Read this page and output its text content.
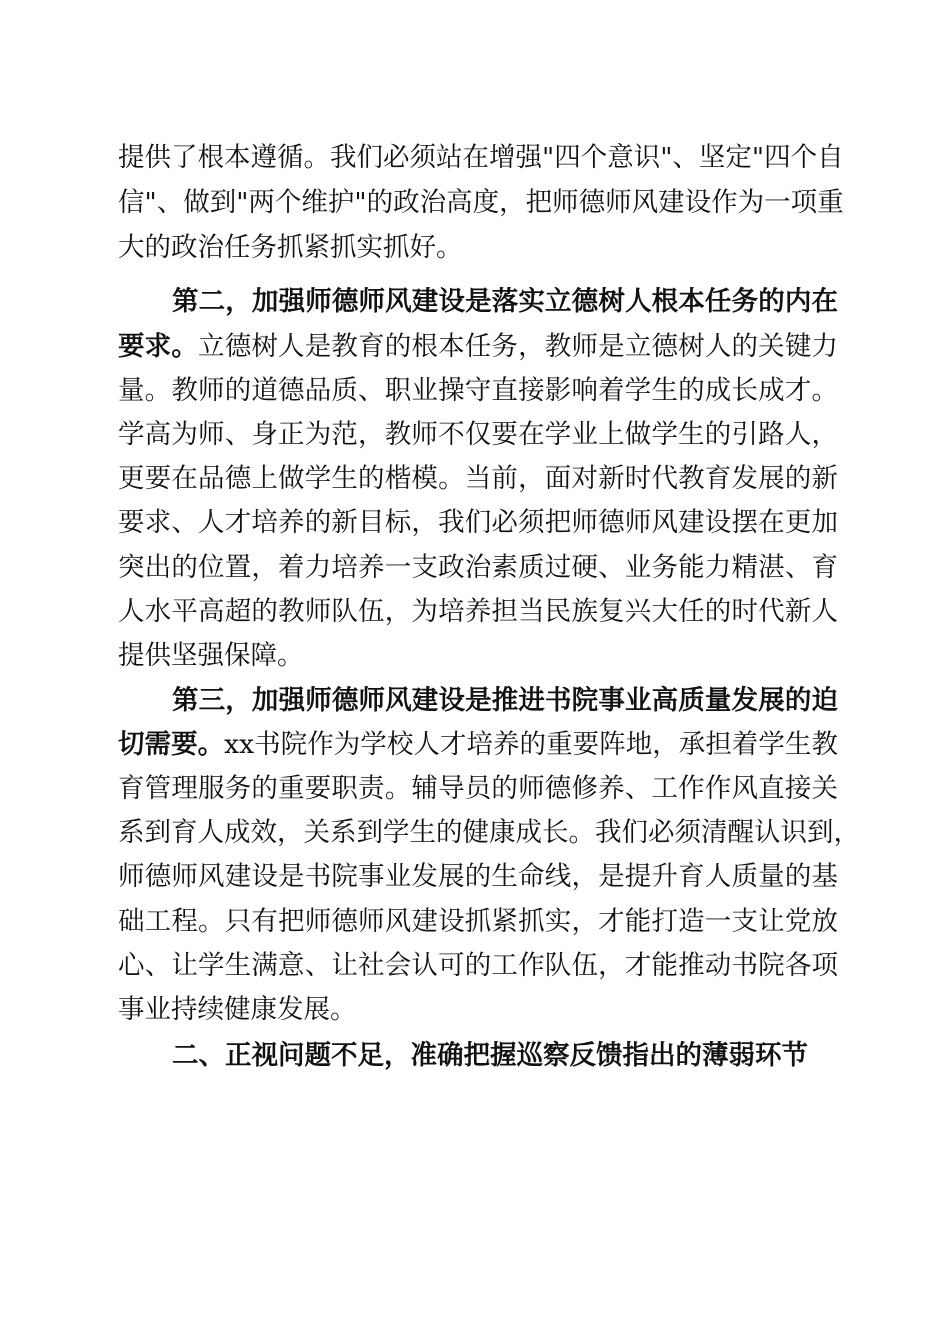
提供了根本遵循。我们必须站在增强"四个意识"、坚定"四个自
信"、做到"两个维护"的政治高度，把师德师风建设作为一项重
大的政治任务抓紧抓实抓好。
第二，加强师德师风建设是落实立德树人根本任务的内在
要求。立德树人是教育的根本任务，教师是立德树人的关键力
量。教师的道德品质、职业操守直接影响着学生的成长成才。
学高为师、身正为范，教师不仅要在学业上做学生的引路人，
更要在品德上做学生的楷模。当前，面对新时代教育发展的新
要求、人才培养的新目标，我们必须把师德师风建设摆在更加
突出的位置，着力培养一支政治素质过硬、业务能力精湛、育
人水平高超的教师队伍，为培养担当民族复兴大任的时代新人
提供坚强保障。
第三，加强师德师风建设是推进书院事业高质量发展的迫
切需要。xx书院作为学校人才培养的重要阵地，承担着学生教
育管理服务的重要职责。辅导员的师德修养、工作作风直接关
系到育人成效，关系到学生的健康成长。我们必须清醒认识到，
师德师风建设是书院事业发展的生命线，是提升育人质量的基
础工程。只有把师德师风建设抓紧抓实，才能打造一支让党放
心、让学生满意、让社会认可的工作队伍，才能推动书院各项
事业持续健康发展。
二、正视问题不足，准确把握巡察反馈指出的薄弱环节
